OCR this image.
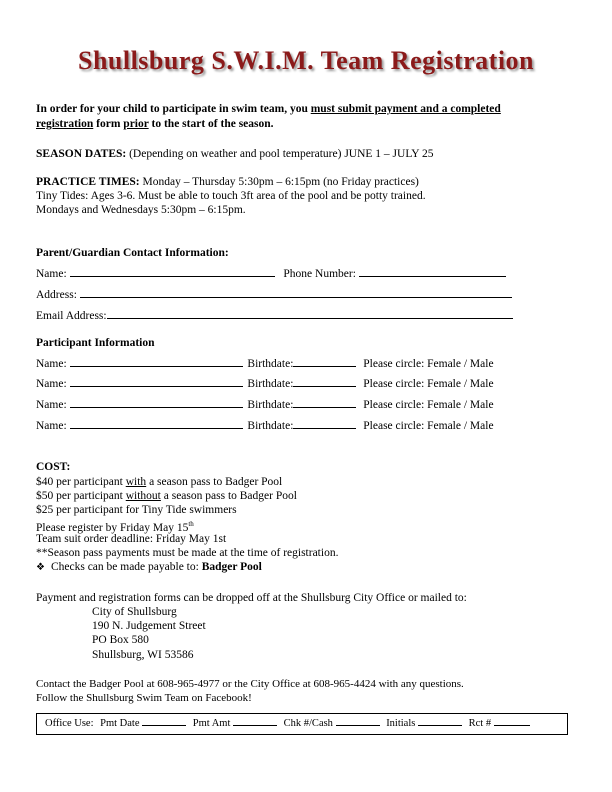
Shullsburg S.W.I.M. Team Registration
In order for your child to participate in swim team, you must submit payment and a completed
registration form prior to the start of the season.
SEASON DATES: (Depending on weather and pool temperature) JUNE 1 – JULY 25
PRACTICE TIMES: Monday – Thursday 5:30pm – 6:15pm (no Friday practices)
Tiny Tides: Ages 3-6. Must be able to touch 3ft area of the pool and be potty trained.
Mondays and Wednesdays 5:30pm – 6:15pm.
Parent/Guardian Contact Information:
Name:	Phone Number:
Address:
Email Address:
Participant Information
Name:	Birthdate:	Please circle: Female / Male
Name:	Birthdate:	Please circle: Female / Male
Name:	Birthdate:	Please circle: Female / Male
Name:	Birthdate:	Please circle: Female / Male
COST:
$40 per participant with a season pass to Badger Pool
$50 per participant without a season pass to Badger Pool
$25 per participant for Tiny Tide swimmers
Please register by Friday May 15th
Team suit order deadline: Friday May 1st
**Season pass payments must be made at the time of registration.
❖ Checks can be made payable to: Badger Pool
Payment and registration forms can be dropped off at the Shullsburg City Office or mailed to:
City of Shullsburg
190 N. Judgement Street
PO Box 580
Shullsburg, WI 53586
Contact the Badger Pool at 608-965-4977 or the City Office at 608-965-4424 with any questions.
Follow the Shullsburg Swim Team on Facebook!
Office Use: Pmt Date	Pmt Amt	Chk #/Cash	Initials	Rct #
